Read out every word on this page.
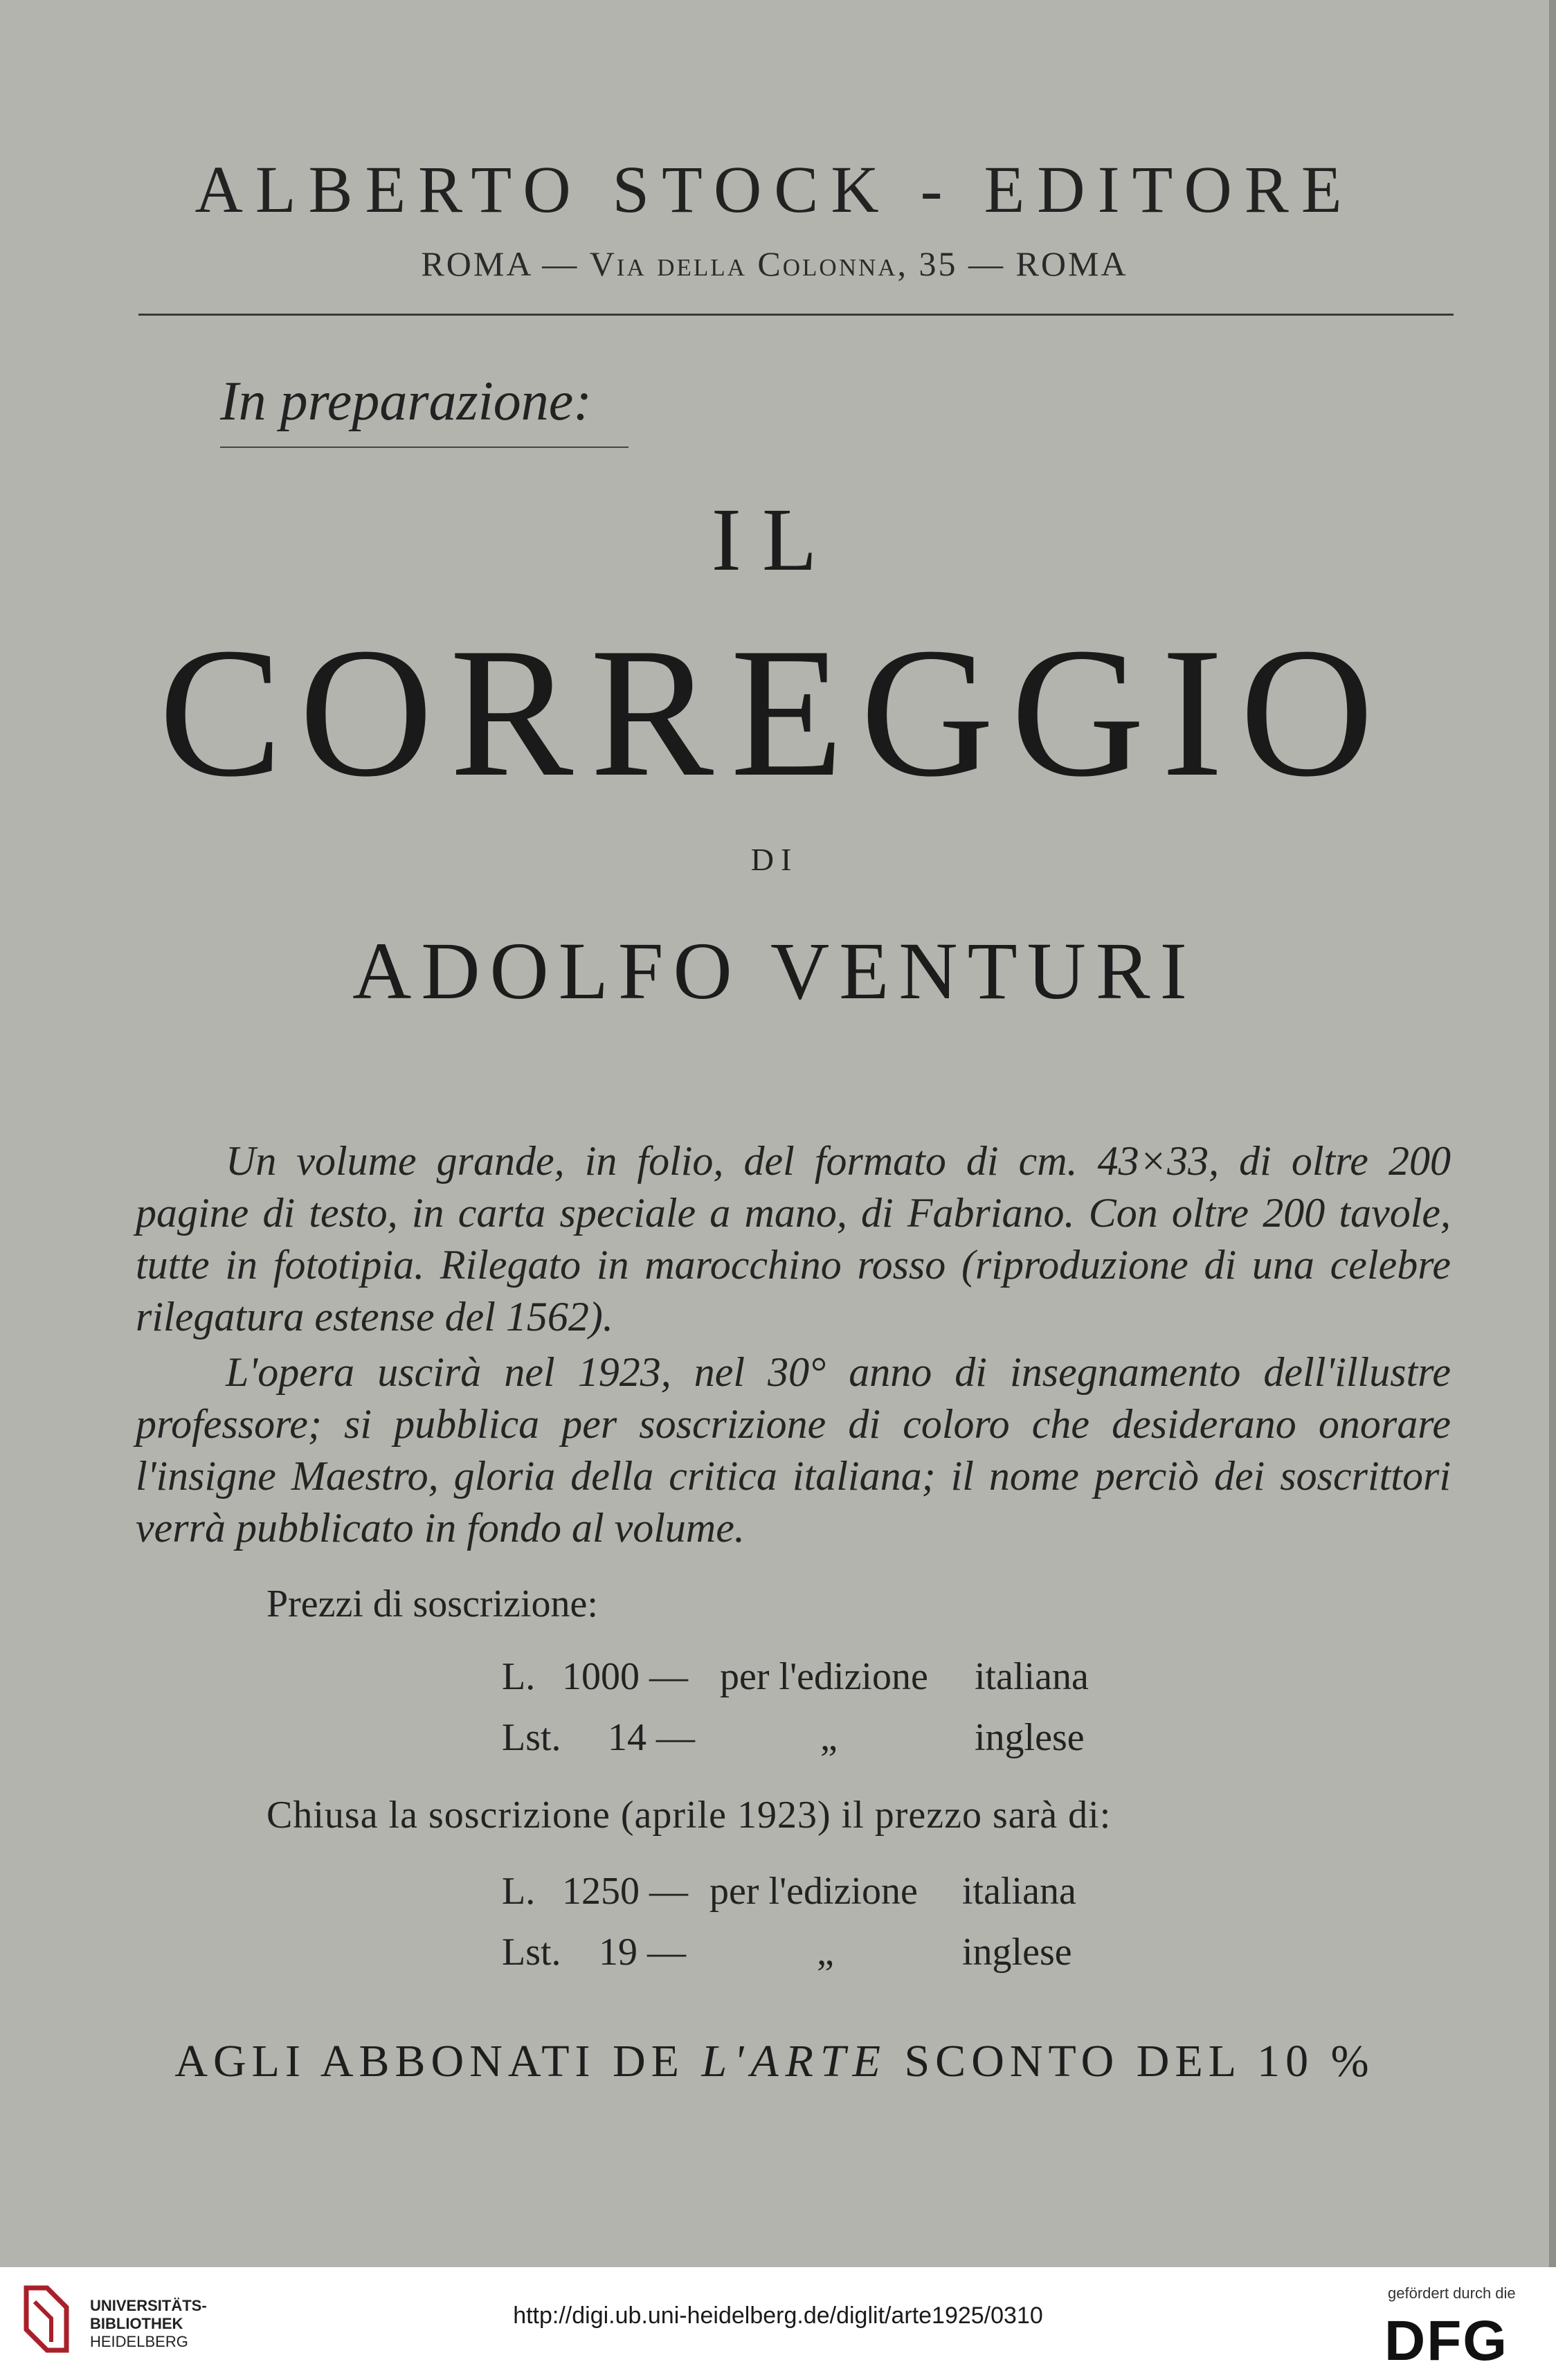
ALBERTO STOCK - EDITORE
ROMA — Via della Colonna, 35 — ROMA
In preparazione:
IL
CORREGGIO
DI
ADOLFO VENTURI
Un volume grande, in folio, del formato di cm. 43×33, di oltre 200 pagine di testo, in carta speciale a mano, di Fabriano. Con oltre 200 tavole, tutte in fototipia. Rilegato in marocchino rosso (riproduzione di una celebre rilegatura estense del 1562).
L'opera uscirà nel 1923, nel 30° anno di insegnamento dell'illustre professore; si pubblica per soscrizione di coloro che desiderano onorare l'insigne Maestro, gloria della critica italiana; il nome perciò dei soscrittori verrà pubblicato in fondo al volume.
Prezzi di soscrizione:
L. 1000 — per l'edizione italiana
Lst. 14 —	„	inglese
Chiusa la soscrizione (aprile 1923) il prezzo sarà di:
L. 1250 — per l'edizione italiana
Lst. 19 —	„	inglese
AGLI ABBONATI DE L'ARTE SCONTO DEL 10 %
UNIVERSITÄTS-
BIBLIOTHEK
HEIDELBERG
http://digi.ub.uni-heidelberg.de/diglit/arte1925/0310
gefördert durch die
DFG
